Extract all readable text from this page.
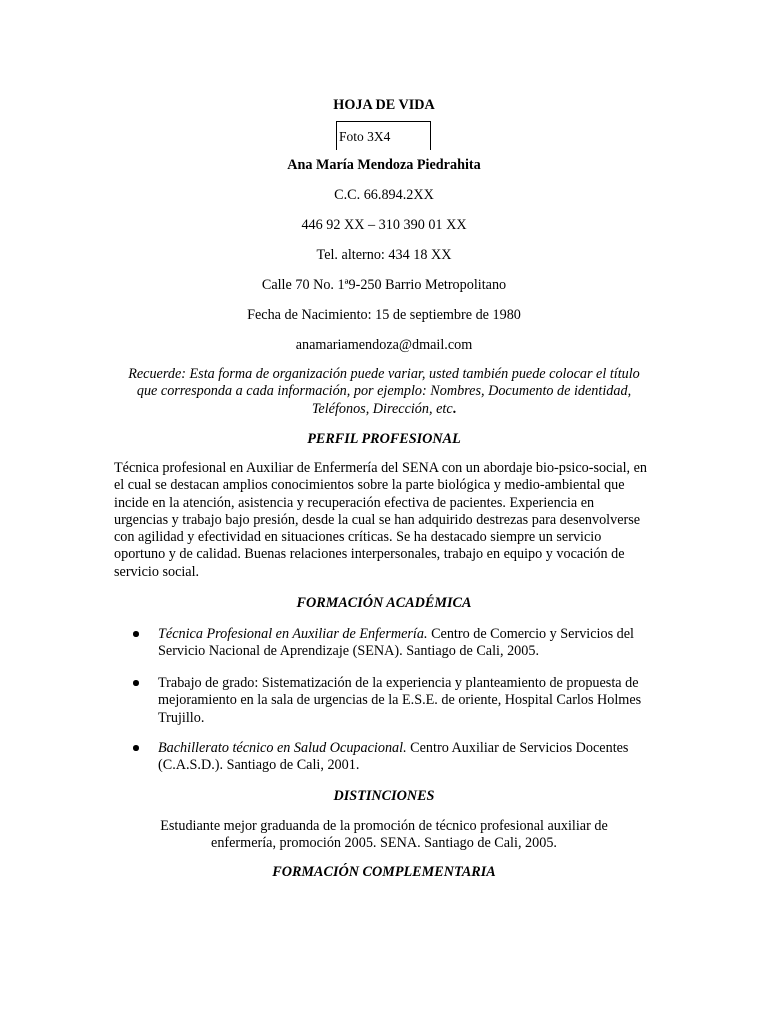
HOJA DE VIDA
Foto 3X4
Ana María Mendoza Piedrahita
C.C. 66.894.2XX
446 92 XX – 310 390 01 XX
Tel. alterno: 434 18 XX
Calle 70 No. 1ª9-250 Barrio Metropolitano
Fecha de Nacimiento: 15 de septiembre de 1980
anamariamendoza@dmail.com
Recuerde: Esta forma de organización puede variar, usted también puede colocar el título que corresponda a cada información, por ejemplo: Nombres, Documento de identidad, Teléfonos, Dirección, etc.
PERFIL PROFESIONAL
Técnica profesional en Auxiliar de Enfermería del SENA con un abordaje bio-psico-social, en el cual se destacan amplios conocimientos sobre la parte biológica y medio-ambiental que incide en la atención, asistencia y recuperación efectiva de pacientes. Experiencia en urgencias y trabajo bajo presión, desde la cual se han adquirido destrezas para desenvolverse con agilidad y efectividad en situaciones críticas. Se ha destacado siempre un servicio oportuno y de calidad. Buenas relaciones interpersonales, trabajo en equipo y vocación de servicio social.
FORMACIÓN ACADÉMICA
Técnica Profesional en Auxiliar de Enfermería. Centro de Comercio y Servicios del Servicio Nacional de Aprendizaje (SENA). Santiago de Cali, 2005.
Trabajo de grado: Sistematización de la experiencia y planteamiento de propuesta de mejoramiento en la sala de urgencias de la E.S.E. de oriente, Hospital Carlos Holmes Trujillo.
Bachillerato técnico en Salud Ocupacional. Centro Auxiliar de Servicios Docentes (C.A.S.D.). Santiago de Cali, 2001.
DISTINCIONES
Estudiante mejor graduanda de la promoción de técnico profesional auxiliar de enfermería, promoción 2005. SENA. Santiago de Cali, 2005.
FORMACIÓN COMPLEMENTARIA
